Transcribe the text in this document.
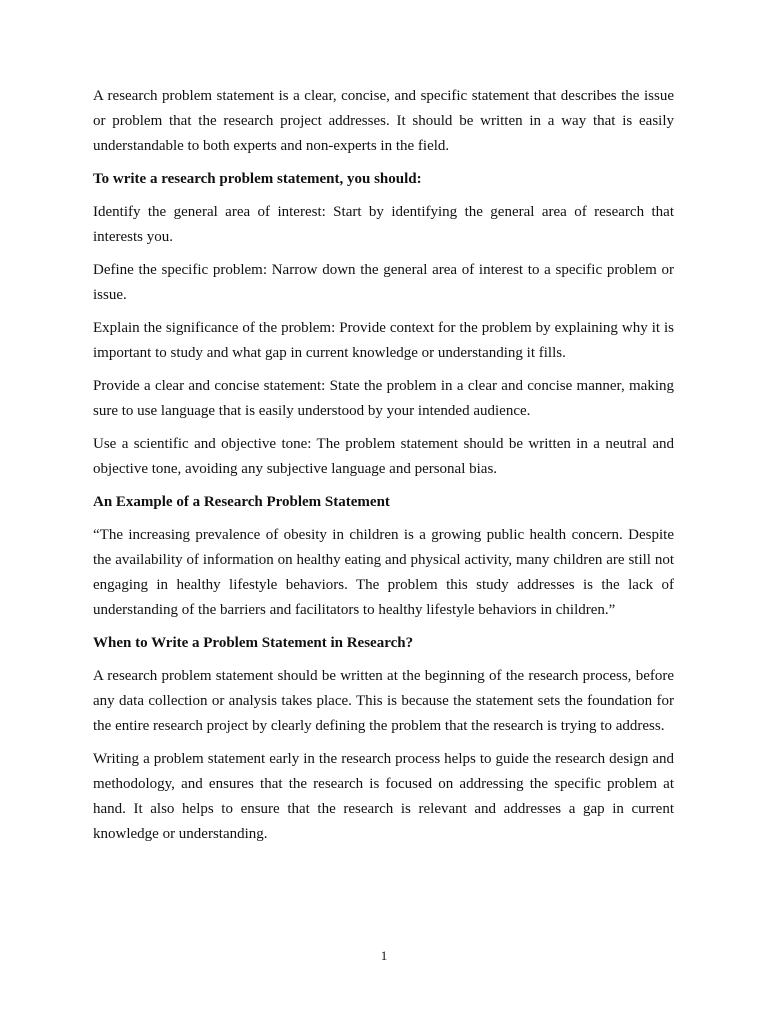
A research problem statement is a clear, concise, and specific statement that describes the issue or problem that the research project addresses. It should be written in a way that is easily understandable to both experts and non-experts in the field.

To write a research problem statement, you should:

Identify the general area of interest: Start by identifying the general area of research that interests you.

Define the specific problem: Narrow down the general area of interest to a specific problem or issue.

Explain the significance of the problem: Provide context for the problem by explaining why it is important to study and what gap in current knowledge or understanding it fills.

Provide a clear and concise statement: State the problem in a clear and concise manner, making sure to use language that is easily understood by your intended audience.

Use a scientific and objective tone: The problem statement should be written in a neutral and objective tone, avoiding any subjective language and personal bias.

An Example of a Research Problem Statement

“The increasing prevalence of obesity in children is a growing public health concern. Despite the availability of information on healthy eating and physical activity, many children are still not engaging in healthy lifestyle behaviors. The problem this study addresses is the lack of understanding of the barriers and facilitators to healthy lifestyle behaviors in children.”

When to Write a Problem Statement in Research?

A research problem statement should be written at the beginning of the research process, before any data collection or analysis takes place. This is because the statement sets the foundation for the entire research project by clearly defining the problem that the research is trying to address.

Writing a problem statement early in the research process helps to guide the research design and methodology, and ensures that the research is focused on addressing the specific problem at hand. It also helps to ensure that the research is relevant and addresses a gap in current knowledge or understanding.

1
